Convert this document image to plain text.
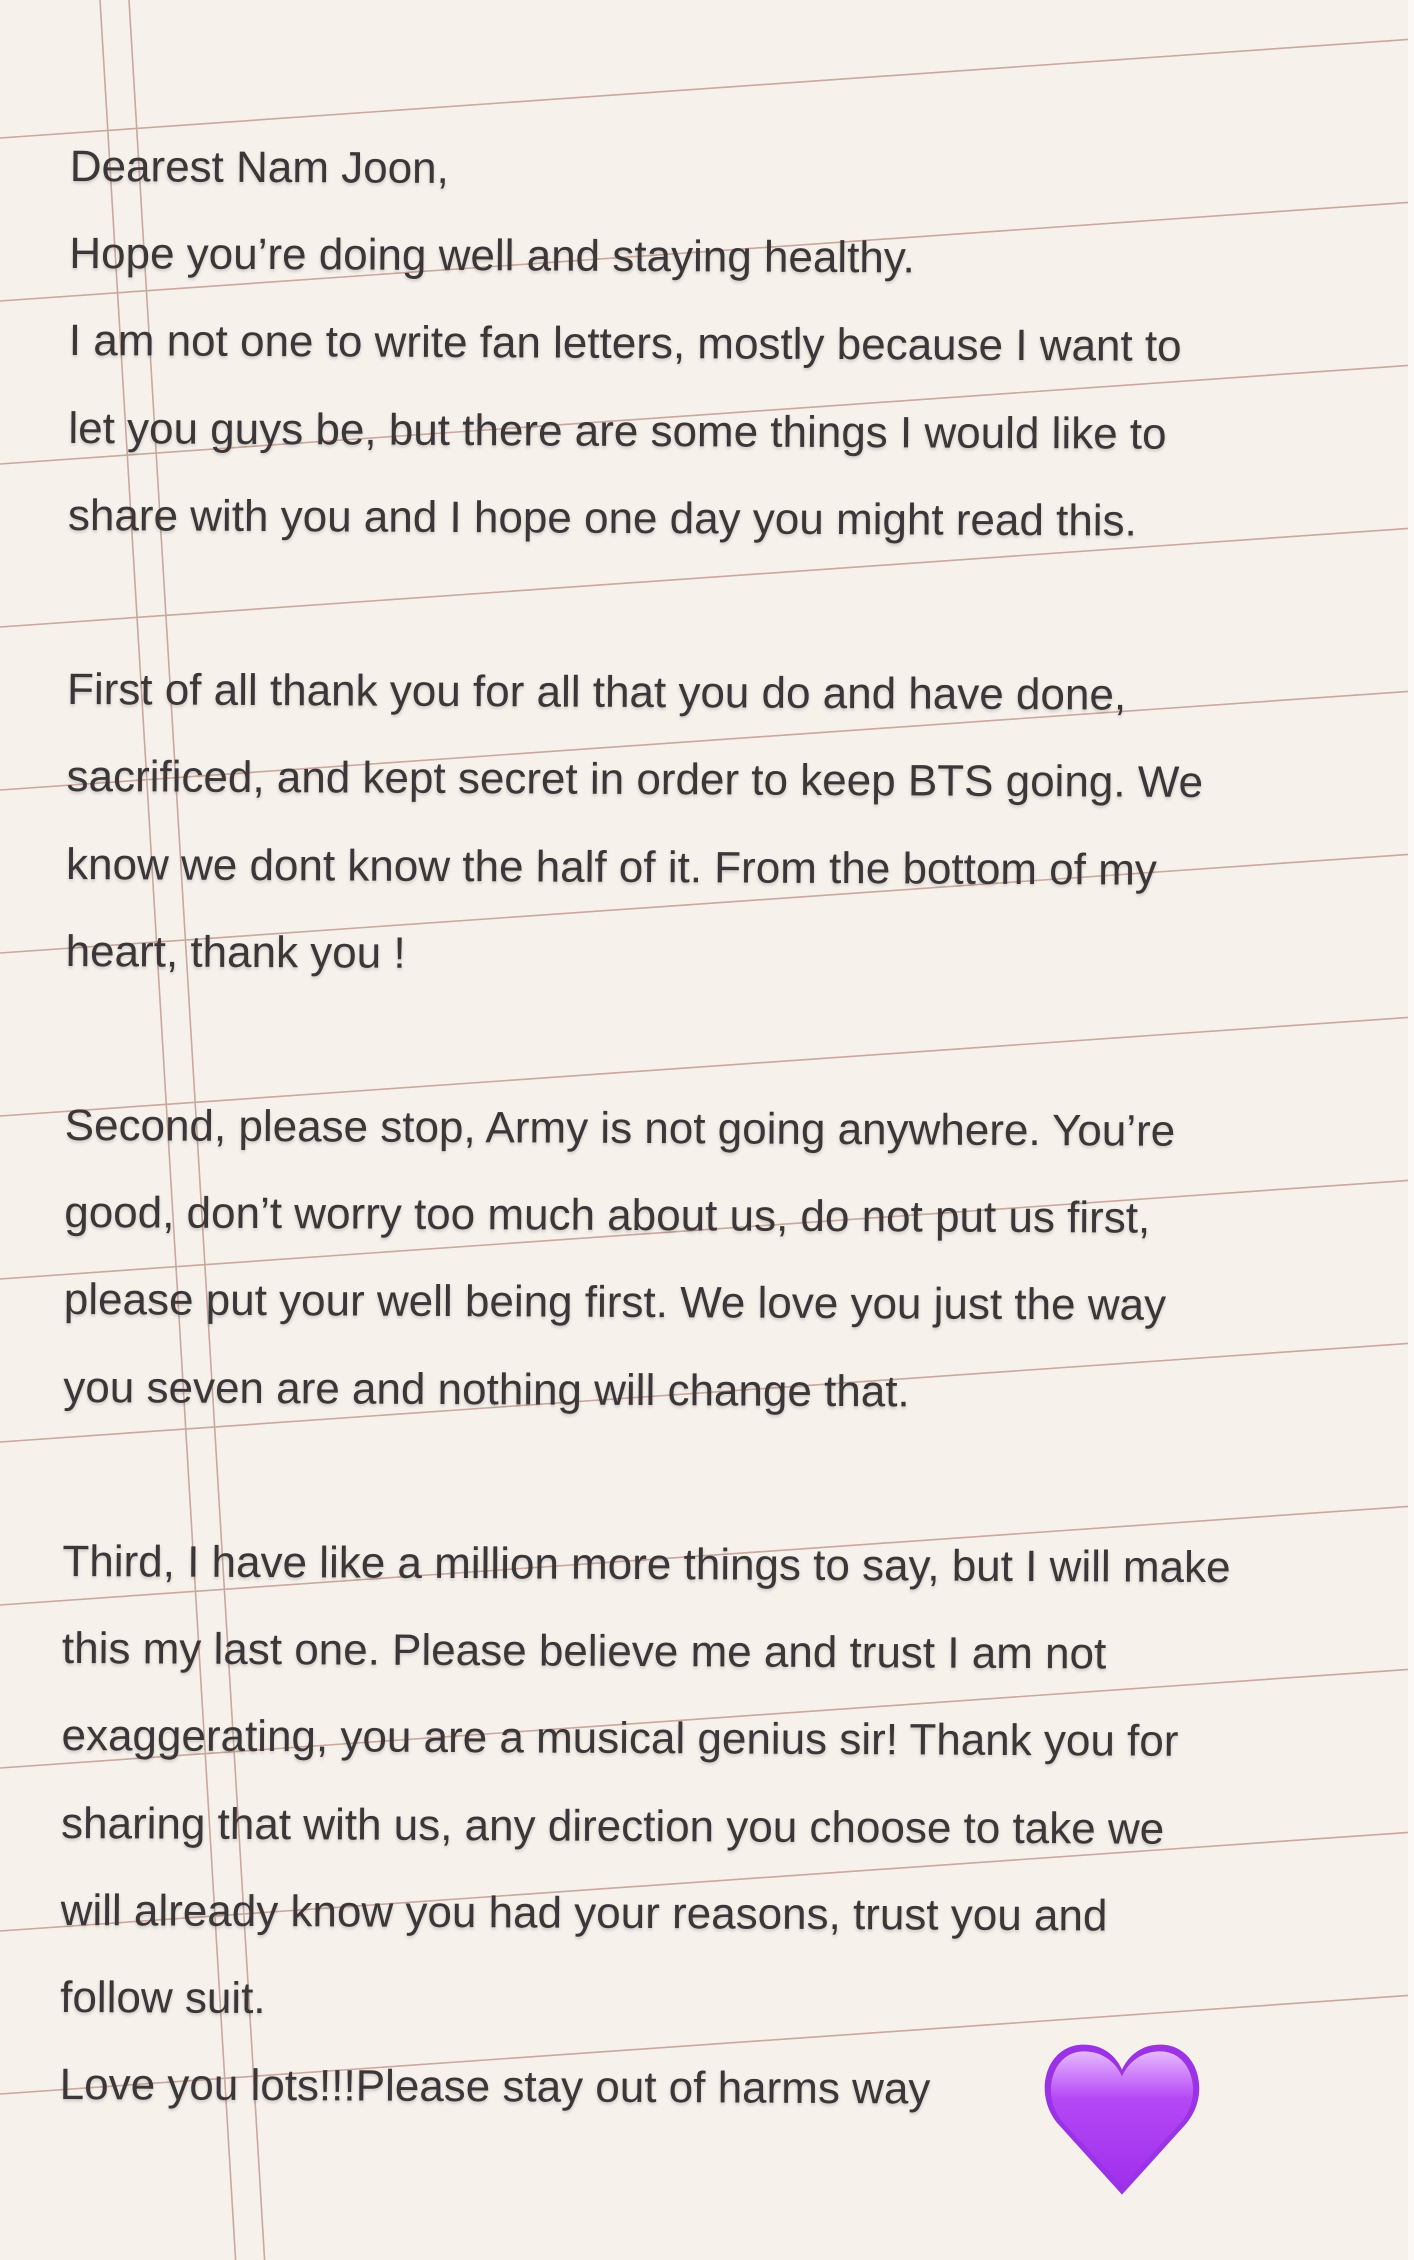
Dearest Nam Joon,
Hope you’re doing well and staying healthy.
I am not one to write fan letters, mostly because I want to
let you guys be, but there are some things I would like to
share with you and I hope one day you might read this.
First of all thank you for all that you do and have done,
sacrificed, and kept secret in order to keep BTS going. We
know we dont know the half of it. From the bottom of my
heart, thank you !
Second, please stop, Army is not going anywhere. You’re
good, don’t worry too much about us, do not put us first,
please put your well being first. We love you just the way
you seven are and nothing will change that.
Third, I have like a million more things to say, but I will make
this my last one. Please believe me and trust I am not
exaggerating, you are a musical genius sir! Thank you for
sharing that with us, any direction you choose to take we
will already know you had your reasons, trust you and
follow suit.
Love you lots!!!Please stay out of harms way
